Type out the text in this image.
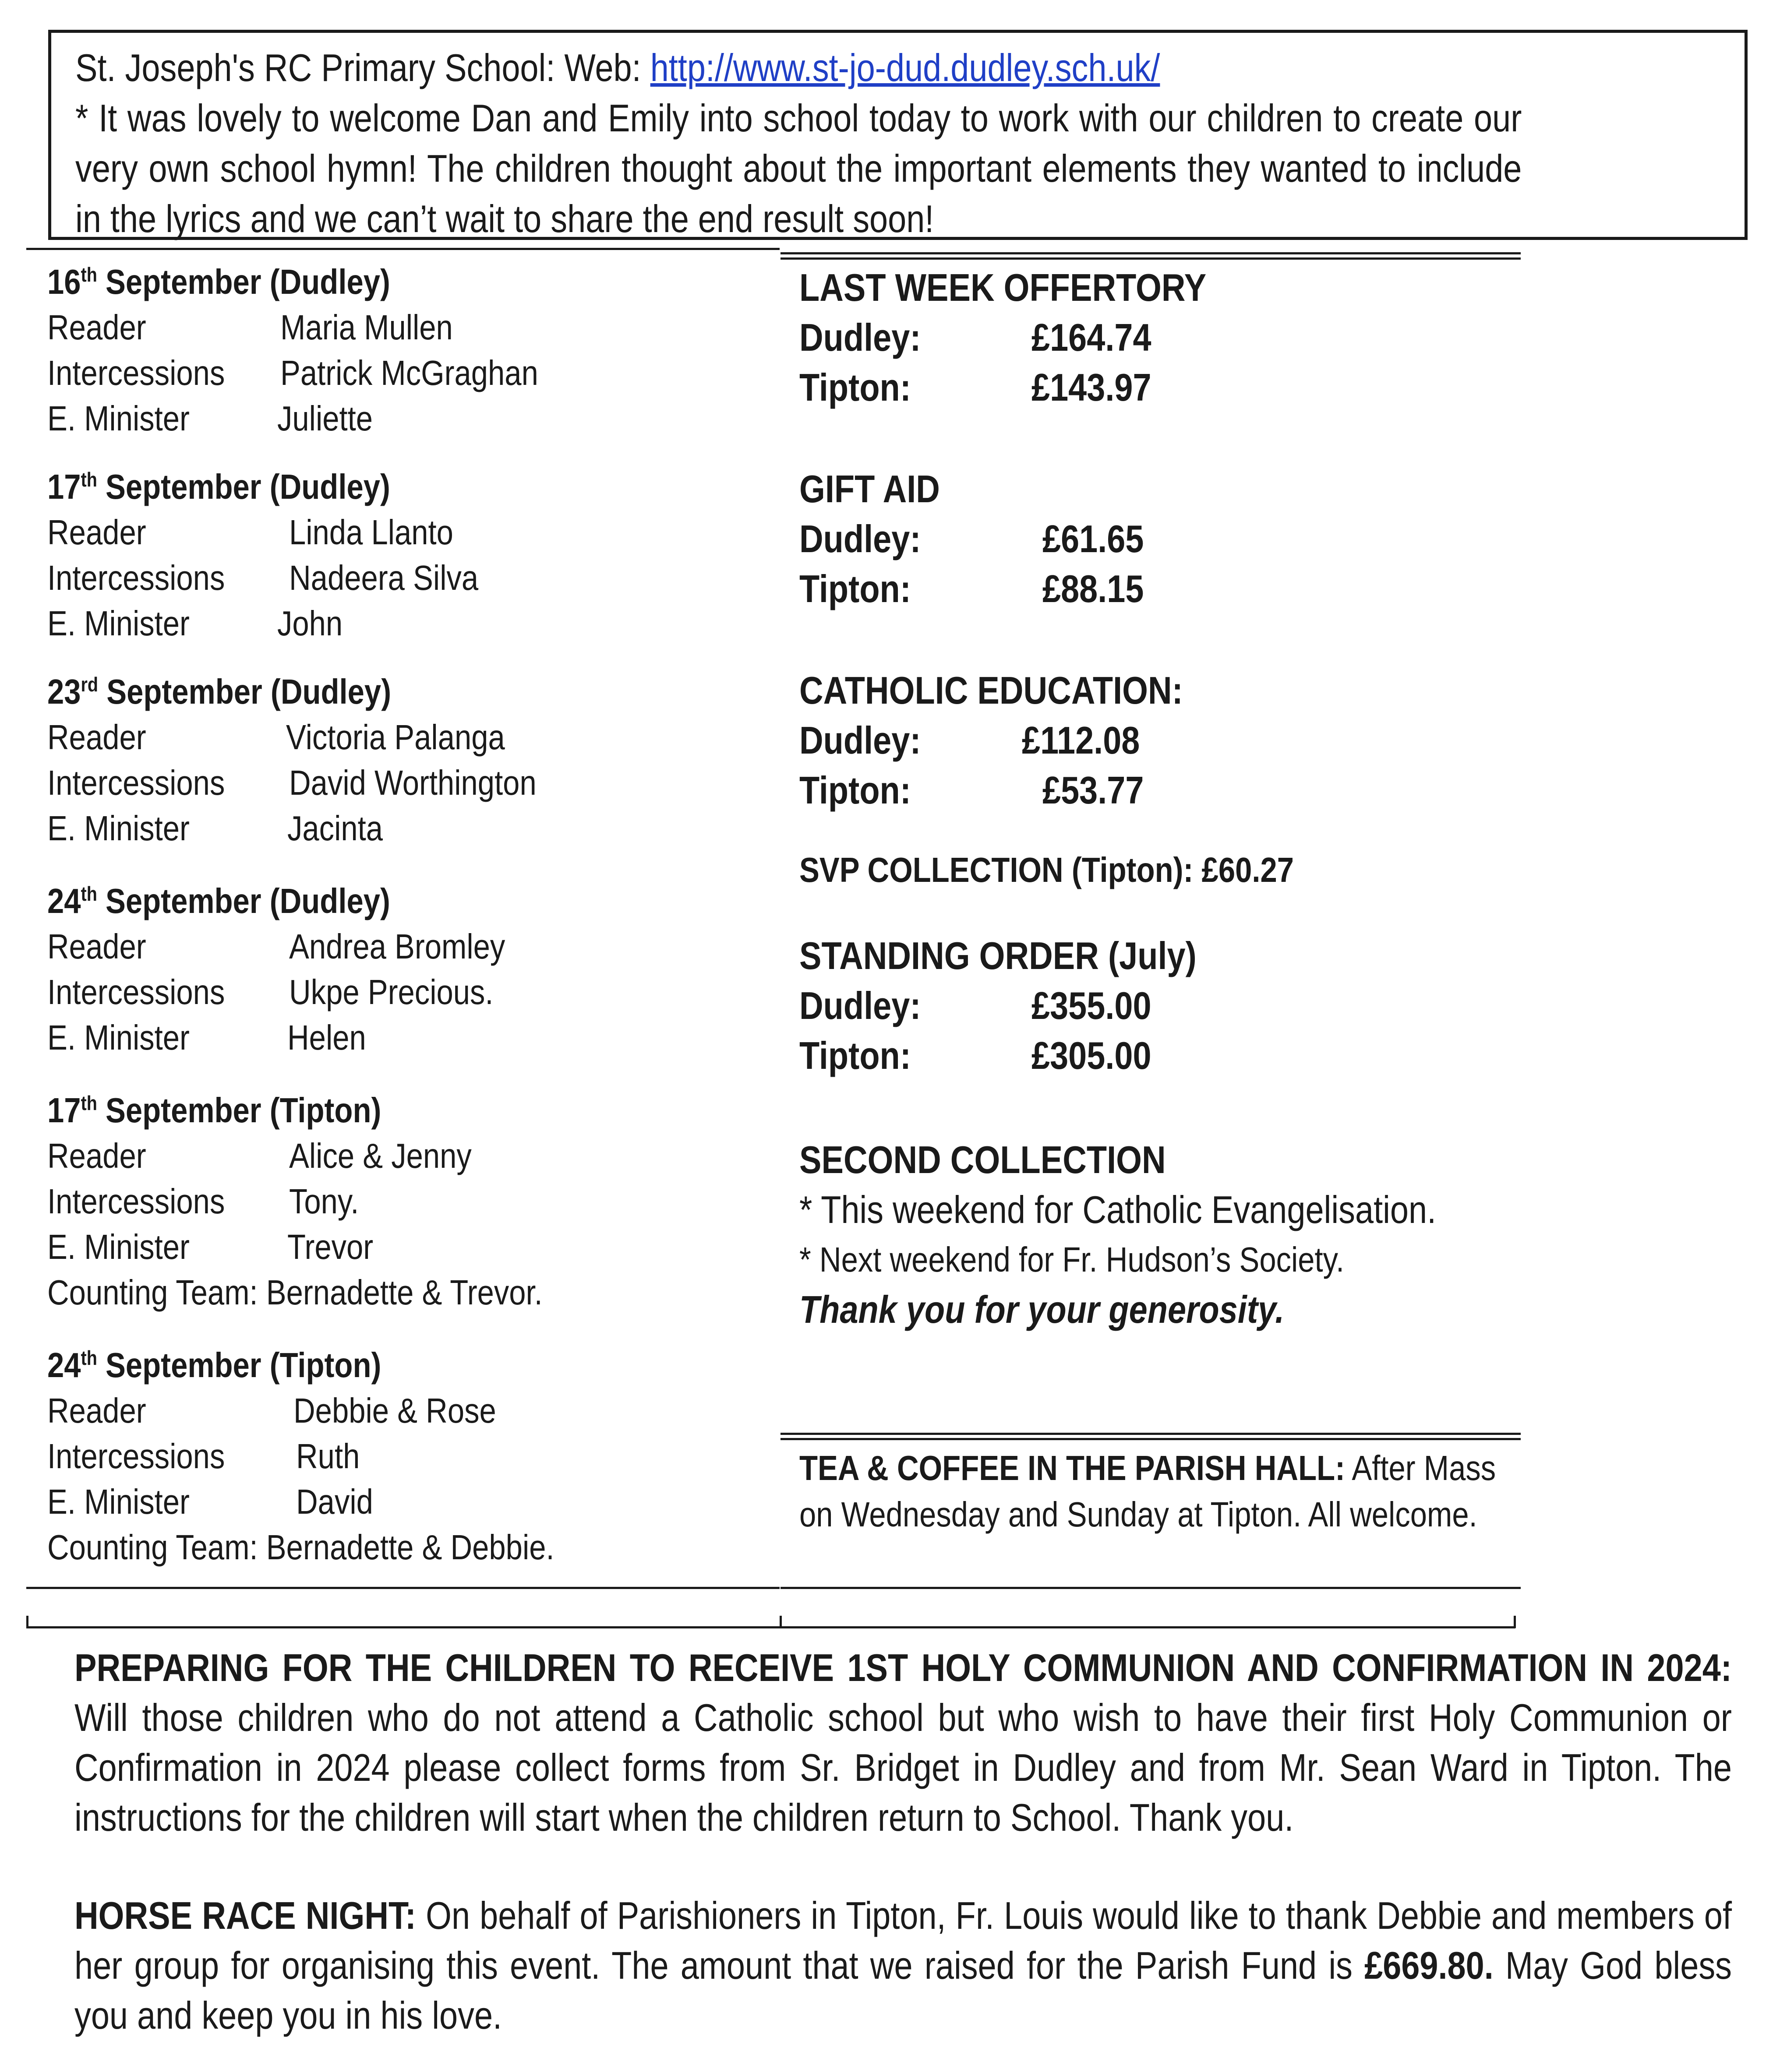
St. Joseph's RC Primary School: Web: http://www.st-jo-dud.dudley.sch.uk/
* It was lovely to welcome Dan and Emily into school today to work with our children to create our very own school hymn! The children thought about the important elements they wanted to include in the lyrics and we can’t wait to share the end result soon!
16th September (Dudley)
Reader	Maria Mullen
Intercessions Patrick McGraghan
E. Minister	Juliette
17th September (Dudley)
Reader	Linda Llanto
Intercessions Nadeera Silva
E. Minister	John
23rd September (Dudley)
Reader	Victoria Palanga
Intercessions David Worthington
E. Minister	Jacinta
24th September (Dudley)
Reader	Andrea Bromley
Intercessions Ukpe Precious.
E. Minister	Helen
17th September (Tipton)
Reader	Alice & Jenny
Intercessions Tony.
E. Minister	Trevor
Counting Team: Bernadette & Trevor.
24th September (Tipton)
Reader	Debbie & Rose
Intercessions Ruth
E. Minister	David
Counting Team: Bernadette & Debbie.
LAST WEEK OFFERTORY
Dudley:	£164.74
Tipton:	£143.97
GIFT AID
Dudley:	£61.65
Tipton:	£88.15
CATHOLIC EDUCATION:
Dudley:	£112.08
Tipton:	£53.77
SVP COLLECTION (Tipton): £60.27
STANDING ORDER (July)
Dudley:	£355.00
Tipton:	£305.00
SECOND COLLECTION
* This weekend for Catholic Evangelisation.
* Next weekend for Fr. Hudson’s Society.
Thank you for your generosity.
TEA & COFFEE IN THE PARISH HALL: After Mass on Wednesday and Sunday at Tipton. All welcome.
PREPARING FOR THE CHILDREN TO RECEIVE 1ST HOLY COMMUNION AND CONFIRMATION IN 2024: Will those children who do not attend a Catholic school but who wish to have their first Holy Communion or Confirmation in 2024 please collect forms from Sr. Bridget in Dudley and from Mr. Sean Ward in Tipton. The instructions for the children will start when the children return to School. Thank you.
HORSE RACE NIGHT: On behalf of Parishioners in Tipton, Fr. Louis would like to thank Debbie and members of her group for organising this event. The amount that we raised for the Parish Fund is £669.80. May God bless you and keep you in his love.
